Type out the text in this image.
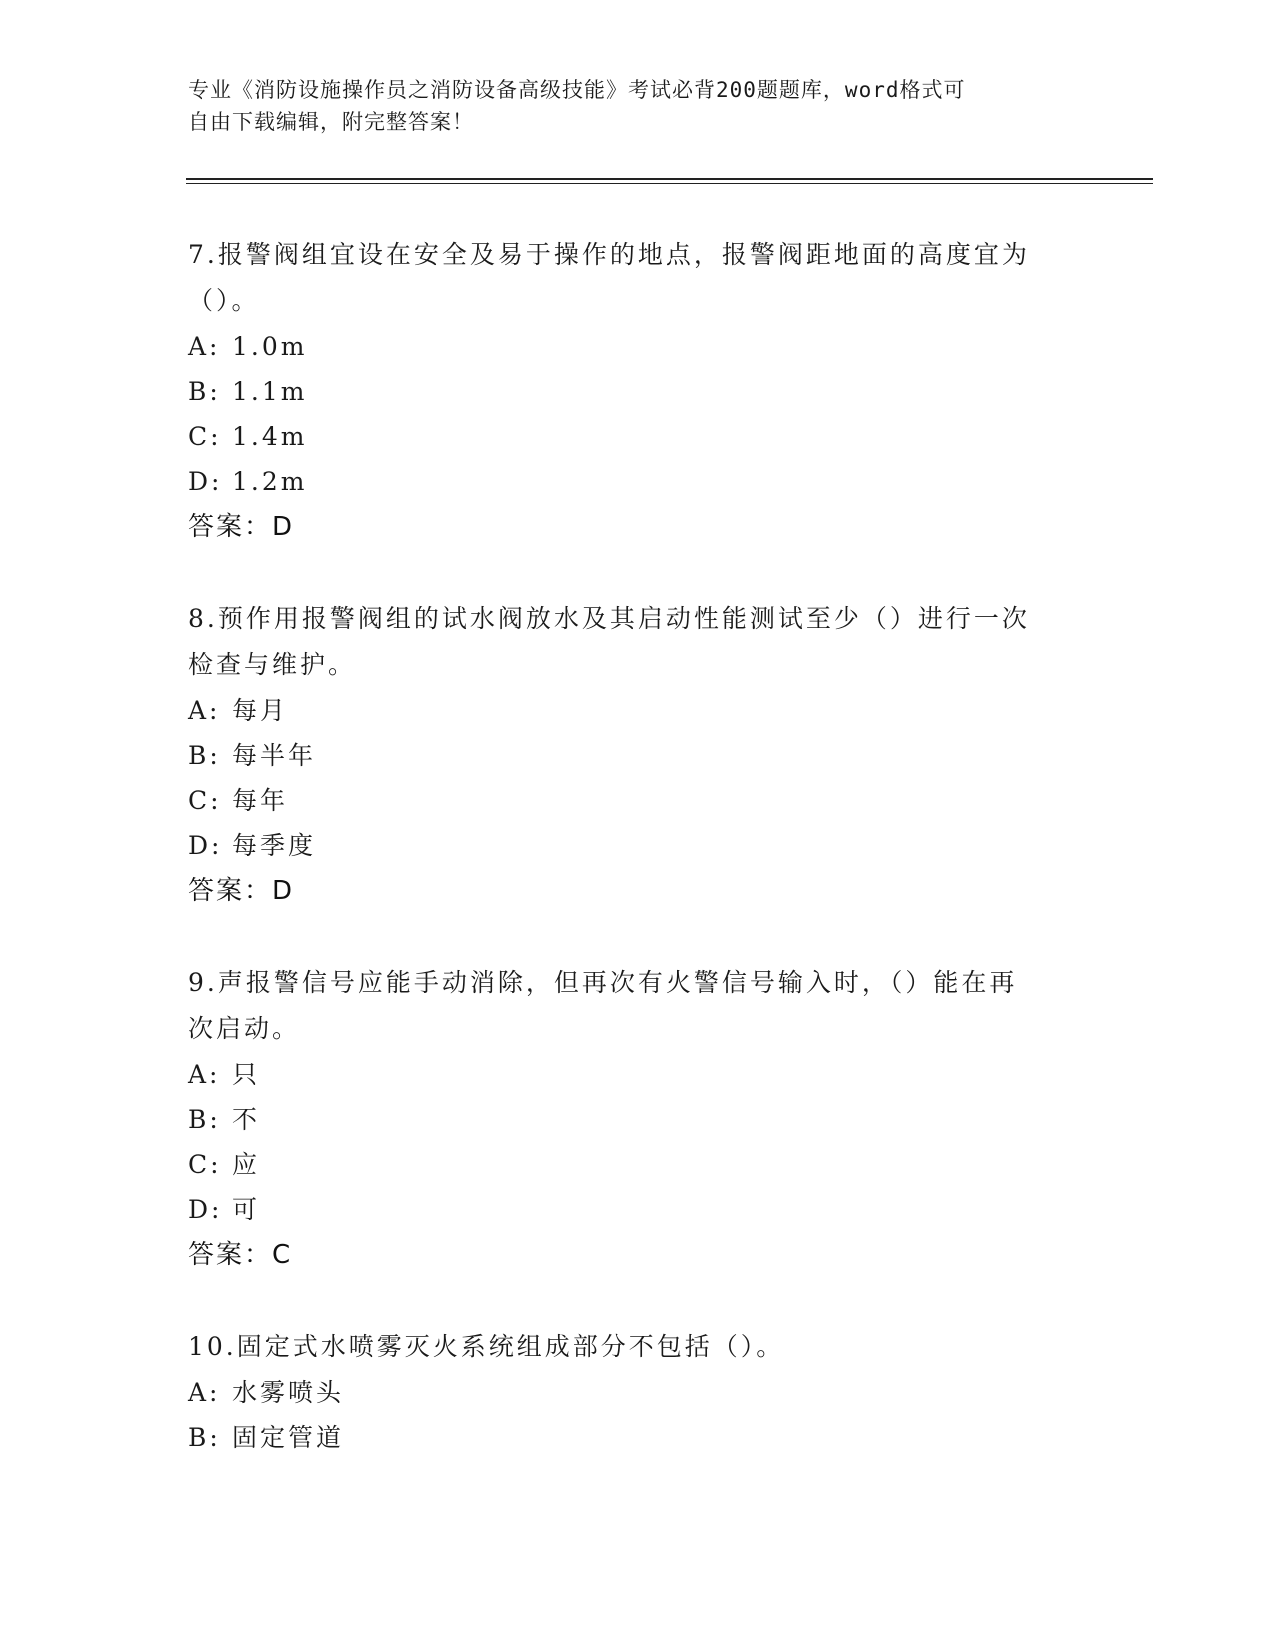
专业《消防设施操作员之消防设备高级技能》考试必背200题题库，word格式可
自由下载编辑，附完整答案！

7.报警阀组宜设在安全及易于操作的地点，报警阀距地面的高度宜为

（）。

A: 1.0m

B: 1.1m

C: 1.4m

D: 1.2m

答案：D

8.预作用报警阀组的试水阀放水及其启动性能测试至少（）进行一次

检查与维护。

A: 每月

B: 每半年

C: 每年

D: 每季度

答案：D

9.声报警信号应能手动消除，但再次有火警信号输入时，（）能在再

次启动。

A: 只

B: 不

C: 应

D: 可

答案：C

10.固定式水喷雾灭火系统组成部分不包括（）。

A: 水雾喷头

B: 固定管道
